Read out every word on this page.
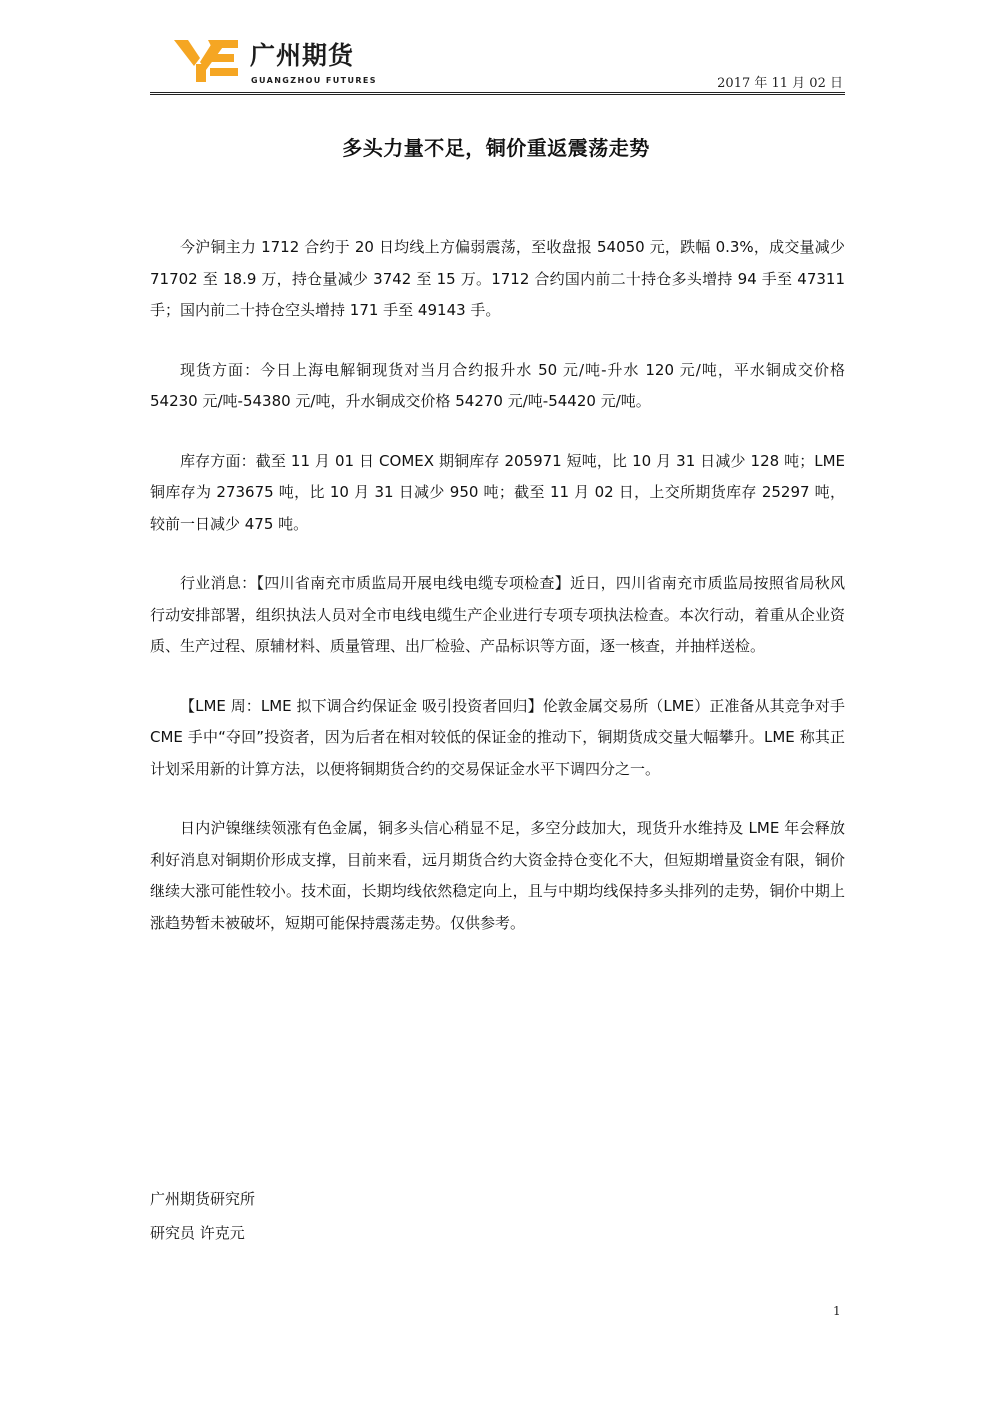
广州期货
GUANGZHOU FUTURES	2017 年 11 月 02 日
多头力量不足，铜价重返震荡走势

今沪铜主力 1712 合约于 20 日均线上方偏弱震荡，至收盘报 54050 元，跌幅 0.3%，成交量减少 71702 至 18.9 万，持仓量减少 3742 至 15 万。1712 合约国内前二十持仓多头增持 94 手至 47311 手；国内前二十持仓空头增持 171 手至 49143 手。

现货方面：今日上海电解铜现货对当月合约报升水 50 元/吨-升水 120 元/吨，平水铜成交价格 54230 元/吨-54380 元/吨，升水铜成交价格 54270 元/吨-54420 元/吨。

库存方面：截至 11 月 01 日 COMEX 期铜库存 205971 短吨，比 10 月 31 日减少 128 吨；LME 铜库存为 273675 吨，比 10 月 31 日减少 950 吨；截至 11 月 02 日，上交所期货库存 25297 吨，较前一日减少 475 吨。

行业消息：【四川省南充市质监局开展电线电缆专项检查】近日，四川省南充市质监局按照省局秋风行动安排部署，组织执法人员对全市电线电缆生产企业进行专项专项执法检查。本次行动，着重从企业资质、生产过程、原辅材料、质量管理、出厂检验、产品标识等方面，逐一核查，并抽样送检。

【LME 周：LME 拟下调合约保证金 吸引投资者回归】伦敦金属交易所（LME）正准备从其竞争对手 CME 手中“夺回”投资者，因为后者在相对较低的保证金的推动下，铜期货成交量大幅攀升。LME 称其正计划采用新的计算方法，以便将铜期货合约的交易保证金水平下调四分之一。

日内沪镍继续领涨有色金属，铜多头信心稍显不足，多空分歧加大，现货升水维持及 LME 年会释放利好消息对铜期价形成支撑，目前来看，远月期货合约大资金持仓变化不大，但短期增量资金有限，铜价继续大涨可能性较小。技术面，长期均线依然稳定向上，且与中期均线保持多头排列的走势，铜价中期上涨趋势暂未被破坏，短期可能保持震荡走势。仅供参考。

广州期货研究所
研究员 许克元
1
